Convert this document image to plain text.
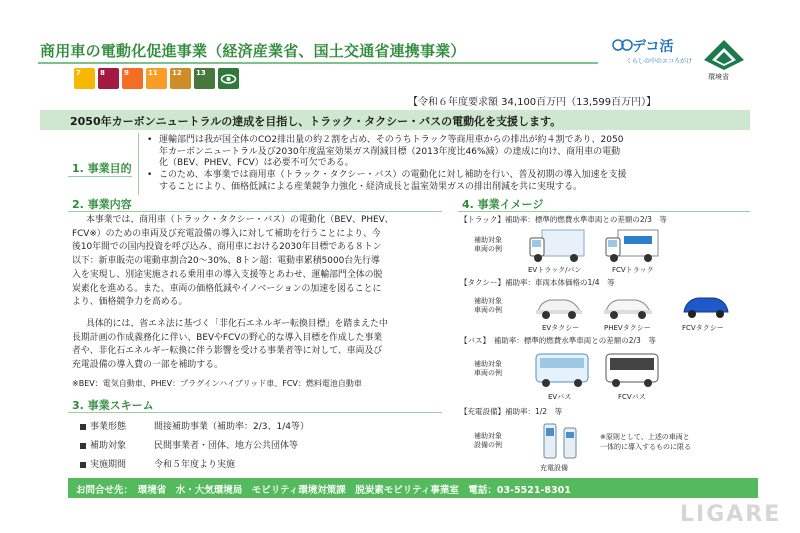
商用車の電動化促進事業（経済産業省、国土交通省連携事業）
7	8	9	11 12 13
デコ活
くらしの中のエコろがけ
環境省
【令和６年度要求額 34,100百万円（13,599百万円）】
2050年カーボンニュートラルの達成を目指し、トラック・タクシー・バスの電動化を支援します。
1. 事業目的
• 運輸部門は我が国全体のCO2排出量の約２割を占め、そのうちトラック等商用車からの排出が約４割であり、2050
年カーボンニュートラル及び2030年度温室効果ガス削減目標（2013年度比46%減）の達成に向け、商用車の電動
化（BEV、PHEV、FCV）は必要不可欠である。
• このため、本事業では商用車（トラック・タクシー・バス）の電動化に対し補助を行い、普及初期の導入加速を支援
することにより、価格低減による産業競争力強化・経済成長と温室効果ガスの排出削減を共に実現する。
2. 事業内容
本事業では、商用車（トラック・タクシー・バス）の電動化（BEV、PHEV、
FCV※）のための車両及び充電設備の導入に対して補助を行うことにより、今
後10年間での国内投資を呼び込み、商用車における2030年目標である８トン
以下：新車販売の電動車割合20～30%、8トン超：電動車累積5000台先行導
入を実現し、別途実施される乗用車の導入支援等とあわせ、運輸部門全体の脱
炭素化を進める。また、車両の価格低減やイノベーションの加速を図ることに
より、価格競争力を高める。
具体的には、省エネ法に基づく「非化石エネルギー転換目標」を踏まえた中
長期計画の作成義務化に伴い、BEVやFCVの野心的な導入目標を作成した事業
者や、非化石エネルギー転換に伴う影響を受ける事業者等に対して、車両及び
充電設備の導入費の一部を補助する。
※BEV：電気自動車、PHEV：プラグインハイブリッド車、FCV：燃料電池自動車
3. 事業スキーム
事業形態	間接補助事業（補助率：2/3、1/4等）
補助対象	民間事業者・団体、地方公共団体等
実施期間	令和５年度より実施
4. 事業イメージ
【トラック】補助率：標準的燃費水準車両との差額の2/3　等
補助対象
車両の例
EVトラック/バン	FCVトラック
【タクシー】補助率：車両本体価格の1/4　等
補助対象
車両の例
EVタクシー	PHEVタクシー	FCVタクシー
【バス】　補助率：標準的燃費水準車両との差額の2/3　等
補助対象
車両の例
EVバス	FCVバス
【充電設備】補助率：1/2　等
補助対象
設備の例
充電設備
※原則として、上述の車両と
一体的に導入するものに限る
お問合せ先：　環境省　水・大気環境局　モビリティ環境対策課　脱炭素モビリティ事業室　電話：03-5521-8301
LIGARE
